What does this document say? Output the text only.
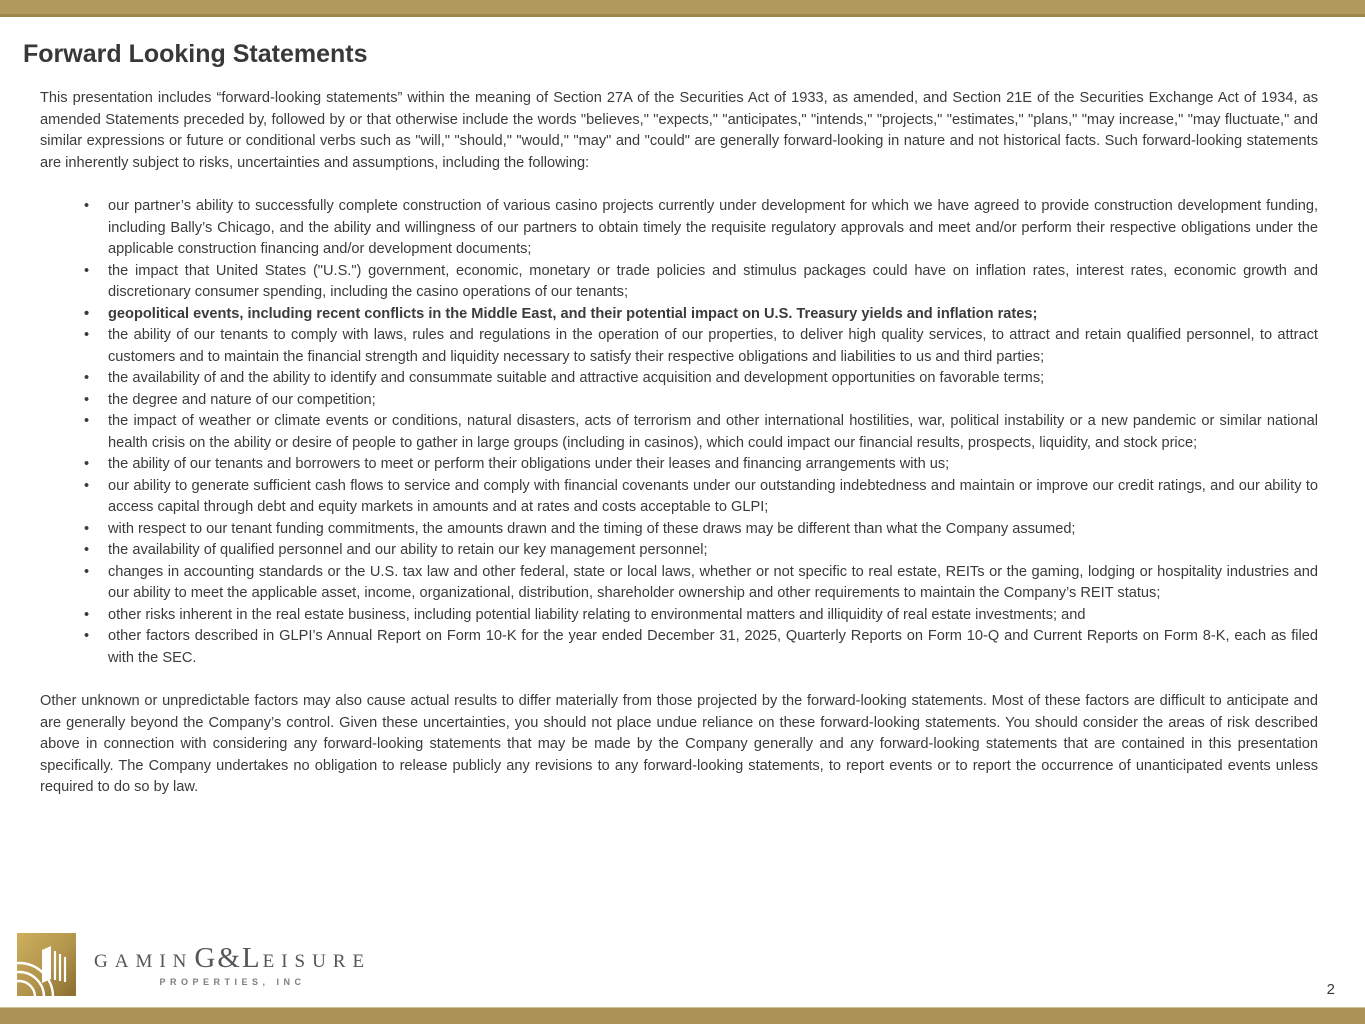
Forward Looking Statements

This presentation includes “forward-looking statements” within the meaning of Section 27A of the Securities Act of 1933, as amended, and Section 21E of the Securities Exchange Act of 1934, as amended Statements preceded by, followed by or that otherwise include the words "believes," "expects," "anticipates," "intends," "projects," "estimates," "plans," "may increase," "may fluctuate," and similar expressions or future or conditional verbs such as "will," "should," "would," "may" and "could" are generally forward-looking in nature and not historical facts. Such forward-looking statements are inherently subject to risks, uncertainties and assumptions, including the following:

• our partner’s ability to successfully complete construction of various casino projects currently under development for which we have agreed to provide construction development funding, including Bally’s Chicago, and the ability and willingness of our partners to obtain timely the requisite regulatory approvals and meet and/or perform their respective obligations under the applicable construction financing and/or development documents;
• the impact that United States ("U.S.") government, economic, monetary or trade policies and stimulus packages could have on inflation rates, interest rates, economic growth and discretionary consumer spending, including the casino operations of our tenants;
• geopolitical events, including recent conflicts in the Middle East, and their potential impact on U.S. Treasury yields and inflation rates;
• the ability of our tenants to comply with laws, rules and regulations in the operation of our properties, to deliver high quality services, to attract and retain qualified personnel, to attract customers and to maintain the financial strength and liquidity necessary to satisfy their respective obligations and liabilities to us and third parties;
• the availability of and the ability to identify and consummate suitable and attractive acquisition and development opportunities on favorable terms;
• the degree and nature of our competition;
• the impact of weather or climate events or conditions, natural disasters, acts of terrorism and other international hostilities, war, political instability or a new pandemic or similar national health crisis on the ability or desire of people to gather in large groups (including in casinos), which could impact our financial results, prospects, liquidity, and stock price;
• the ability of our tenants and borrowers to meet or perform their obligations under their leases and financing arrangements with us;
• our ability to generate sufficient cash flows to service and comply with financial covenants under our outstanding indebtedness and maintain or improve our credit ratings, and our ability to access capital through debt and equity markets in amounts and at rates and costs acceptable to GLPI;
• with respect to our tenant funding commitments, the amounts drawn and the timing of these draws may be different than what the Company assumed;
• the availability of qualified personnel and our ability to retain our key management personnel;
• changes in accounting standards or the U.S. tax law and other federal, state or local laws, whether or not specific to real estate, REITs or the gaming, lodging or hospitality industries and our ability to meet the applicable asset, income, organizational, distribution, shareholder ownership and other requirements to maintain the Company’s REIT status;
• other risks inherent in the real estate business, including potential liability relating to environmental matters and illiquidity of real estate investments; and
• other factors described in GLPI’s Annual Report on Form 10-K for the year ended December 31, 2025, Quarterly Reports on Form 10-Q and Current Reports on Form 8-K, each as filed with the SEC.

Other unknown or unpredictable factors may also cause actual results to differ materially from those projected by the forward-looking statements. Most of these factors are difficult to anticipate and are generally beyond the Company’s control. Given these uncertainties, you should not place undue reliance on these forward-looking statements. You should consider the areas of risk described above in connection with considering any forward-looking statements that may be made by the Company generally and any forward-looking statements that are contained in this presentation specifically. The Company undertakes no obligation to release publicly any revisions to any forward-looking statements, to report events or to report the occurrence of unanticipated events unless required to do so by law.

GAMIN G&L EISURE
PROPERTIES, INC	2
